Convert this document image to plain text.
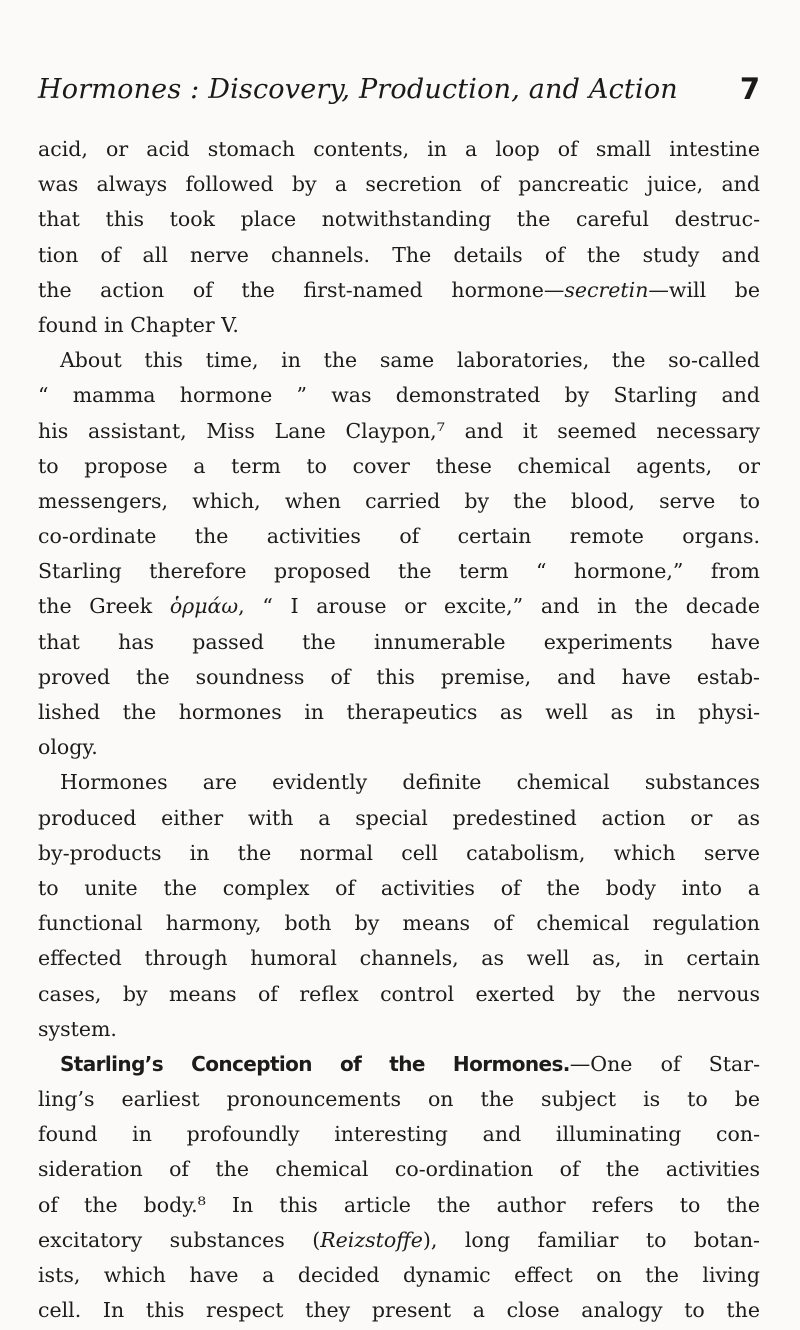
Hormones : Discovery, Production, and Action 7
acid, or acid stomach contents, in a loop of small intestine
was always followed by a secretion of pancreatic juice, and
that this took place notwithstanding the careful destruc-
tion of all nerve channels. The details of the study and
the action of the first-named hormone—secretin—will be
found in Chapter V.
About this time, in the same laboratories, the so-called
“ mamma hormone ” was demonstrated by Starling and
his assistant, Miss Lane Claypon,⁷ and it seemed necessary
to propose a term to cover these chemical agents, or
messengers, which, when carried by the blood, serve to
co-ordinate the activities of certain remote organs.
Starling therefore proposed the term “ hormone,” from
the Greek ὁρμάω, “ I arouse or excite,” and in the decade
that has passed the innumerable experiments have
proved the soundness of this premise, and have estab-
lished the hormones in therapeutics as well as in physi-
ology.
Hormones are evidently definite chemical substances
produced either with a special predestined action or as
by-products in the normal cell catabolism, which serve
to unite the complex of activities of the body into a
functional harmony, both by means of chemical regulation
effected through humoral channels, as well as, in certain
cases, by means of reflex control exerted by the nervous
system.
Starling’s Conception of the Hormones.—One of Star-
ling’s earliest pronouncements on the subject is to be
found in profoundly interesting and illuminating con-
sideration of the chemical co-ordination of the activities
of the body.⁸ In this article the author refers to the
excitatory substances (Reizstoffe), long familiar to botan-
ists, which have a decided dynamic effect on the living
cell. In this respect they present a close analogy to the
